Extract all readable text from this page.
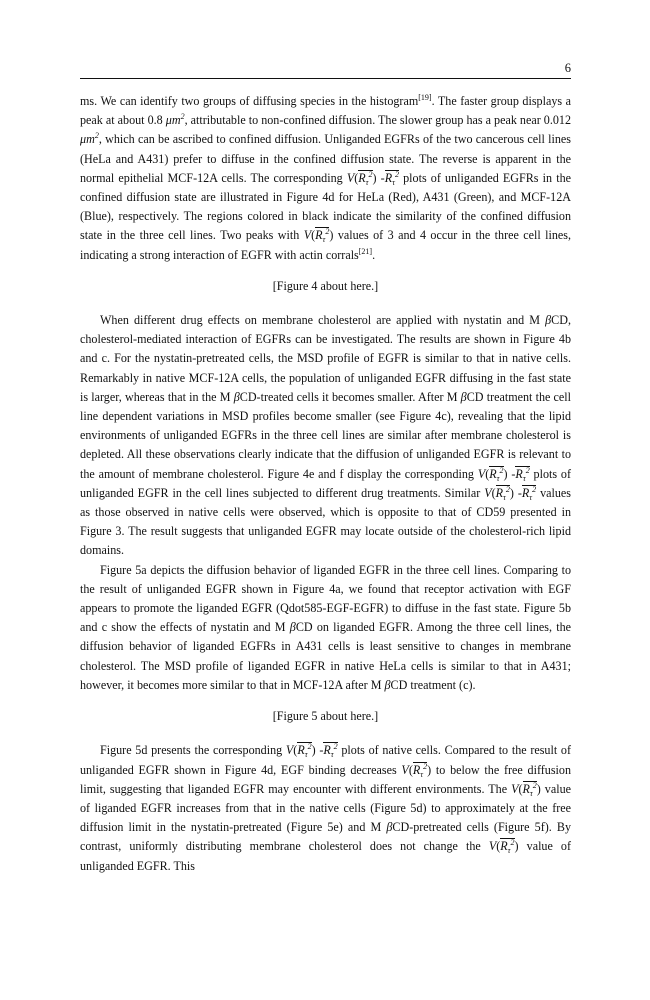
6

ms. We can identify two groups of diffusing species in the histogram[19]. The faster group displays a peak at about 0.8 $\mu m^2$, attributable to non-confined diffusion. The slower group has a peak near 0.012 $\mu m^2$, which can be ascribed to confined diffusion. Unliganded EGFRs of the two cancerous cell lines (HeLa and A431) prefer to diffuse in the confined diffusion state. The reverse is apparent in the normal epithelial MCF-12A cells. The corresponding $V(R_\tau^2)$ $-R_\tau^2$ plots of unliganded EGFRs in the confined diffusion state are illustrated in Figure 4d for HeLa (Red), A431 (Green), and MCF-12A (Blue), respectively. The regions colored in black indicate the similarity of the confined diffusion state in the three cell lines. Two peaks with $V(R_\tau^2)$ values of 3 and 4 occur in the three cell lines, indicating a strong interaction of EGFR with actin corrals[21].

[Figure 4 about here.]

When different drug effects on membrane cholesterol are applied with nystatin and M βCD, cholesterol-mediated interaction of EGFRs can be investigated. The results are shown in Figure 4b and c. For the nystatin-pretreated cells, the MSD profile of EGFR is similar to that in native cells. Remarkably in native MCF-12A cells, the population of unliganded EGFR diffusing in the fast state is larger, whereas that in the M βCD-treated cells it becomes smaller. After M βCD treatment the cell line dependent variations in MSD profiles become smaller (see Figure 4c), revealing that the lipid environments of unliganded EGFRs in the three cell lines are similar after membrane cholesterol is depleted. All these observations clearly indicate that the diffusion of unliganded EGFR is relevant to the amount of membrane cholesterol. Figure 4e and f display the corresponding $V(R_\tau^2)$ $-R_\tau^2$ plots of unliganded EGFR in the cell lines subjected to different drug treatments. Similar $V(R_\tau^2)$ $-R_\tau^2$ values as those observed in native cells were observed, which is opposite to that of CD59 presented in Figure 3. The result suggests that unliganded EGFR may locate outside of the cholesterol-rich lipid domains.

Figure 5a depicts the diffusion behavior of liganded EGFR in the three cell lines. Comparing to the result of unliganded EGFR shown in Figure 4a, we found that receptor activation with EGF appears to promote the liganded EGFR (Qdot585-EGF-EGFR) to diffuse in the fast state. Figure 5b and c show the effects of nystatin and M βCD on liganded EGFR. Among the three cell lines, the diffusion behavior of liganded EGFRs in A431 cells is least sensitive to changes in membrane cholesterol. The MSD profile of liganded EGFR in native HeLa cells is similar to that in A431; however, it becomes more similar to that in MCF-12A after M βCD treatment (c).

[Figure 5 about here.]

Figure 5d presents the corresponding $V(R_\tau^2)$ $-R_\tau^2$ plots of native cells. Compared to the result of unliganded EGFR shown in Figure 4d, EGF binding decreases $V(R_\tau^2)$ to below the free diffusion limit, suggesting that liganded EGFR may encounter with different environments. The $V(R_\tau^2)$ value of liganded EGFR increases from that in the native cells (Figure 5d) to approximately at the free diffusion limit in the nystatin-pretreated (Figure 5e) and M βCD-pretreated cells (Figure 5f). By contrast, uniformly distributing membrane cholesterol does not change the $V(R_\tau^2)$ value of unliganded EGFR. This
